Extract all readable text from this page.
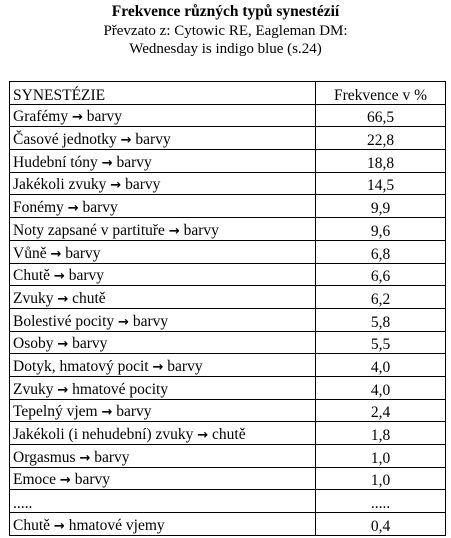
Frekvence různých typů synestézií

Převzato z: Cytowic RE, Eagleman DM:

Wednesday is indigo blue (s.24)

SYNESTÉZIE	Frekvence v %
Grafémy → barvy	66,5
Časové jednotky → barvy	22,8
Hudební tóny → barvy	18,8
Jakékoli zvuky → barvy	14,5
Fonémy → barvy	9,9
Noty zapsané v partituře → barvy	9,6
Vůně → barvy	6,8
Chutě → barvy	6,6
Zvuky → chutě	6,2
Bolestivé pocity → barvy	5,8
Osoby → barvy	5,5
Dotyk, hmatový pocit → barvy	4,0
Zvuky → hmatové pocity	4,0
Tepelný vjem → barvy	2,4
Jakékoli (i nehudební) zvuky → chutě	1,8
Orgasmus → barvy	1,0
Emoce → barvy	1,0
.....	.....
Chutě → hmatové vjemy	0,4
